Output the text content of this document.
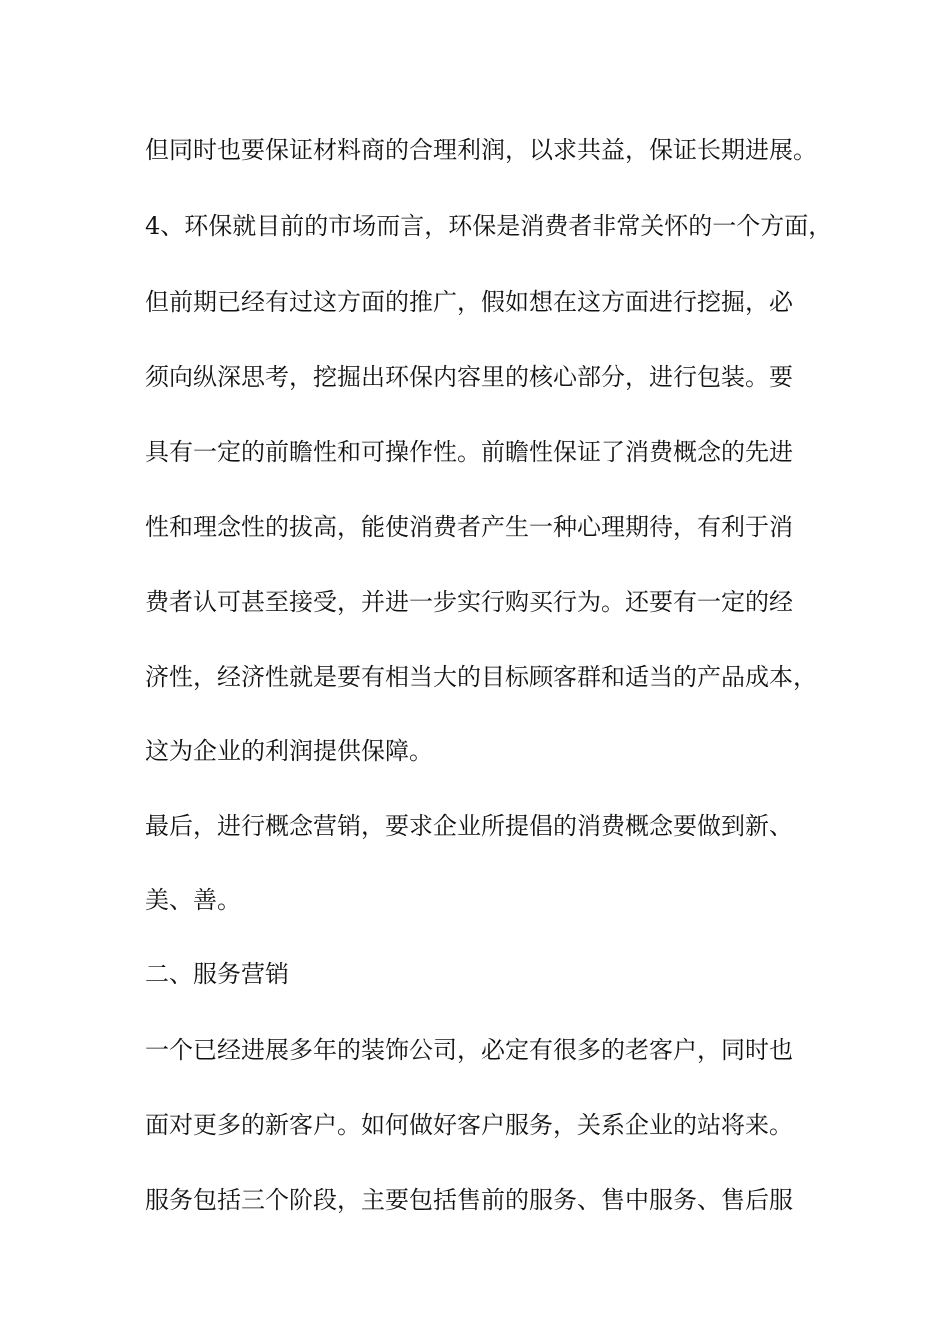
但同时也要保证材料商的合理利润，以求共益，保证长期进展。
4、环保就目前的市场而言，环保是消费者非常关怀的一个方面，
但前期已经有过这方面的推广，假如想在这方面进行挖掘，必
须向纵深思考，挖掘出环保内容里的核心部分，进行包装。要
具有一定的前瞻性和可操作性。前瞻性保证了消费概念的先进
性和理念性的拔高，能使消费者产生一种心理期待，有利于消
费者认可甚至接受，并进一步实行购买行为。还要有一定的经
济性，经济性就是要有相当大的目标顾客群和适当的产品成本，
这为企业的利润提供保障。
最后，进行概念营销，要求企业所提倡的消费概念要做到新、
美、善。
二、服务营销
一个已经进展多年的装饰公司，必定有很多的老客户，同时也
面对更多的新客户。如何做好客户服务，关系企业的站将来。
服务包括三个阶段，主要包括售前的服务、售中服务、售后服
